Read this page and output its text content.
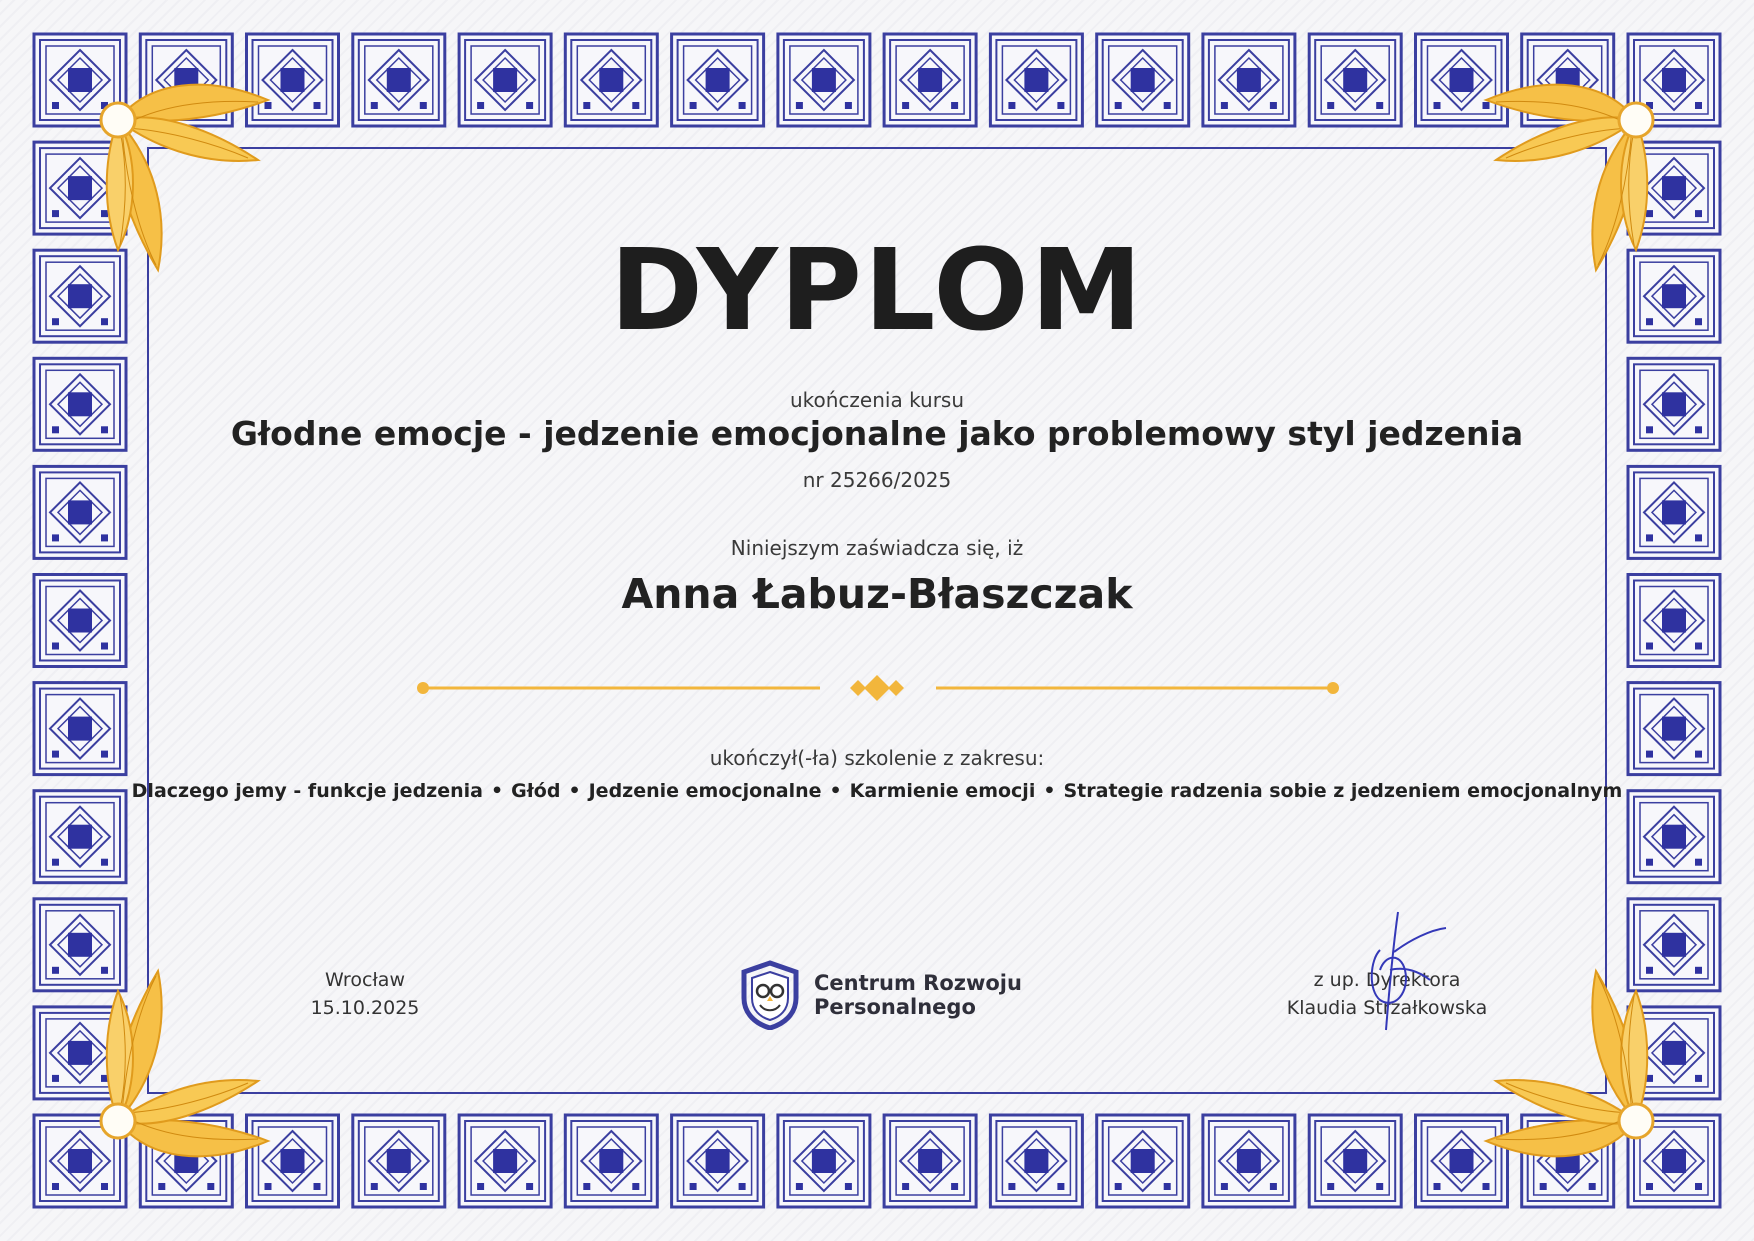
DYPLOM
ukończenia kursu
Głodne emocje - jedzenie emocjonalne jako problemowy styl jedzenia
nr 25266/2025
Niniejszym zaświadcza się, iż
Anna Łabuz-Błaszczak
ukończył(-ła) szkolenie z zakresu:
Dlaczego jemy - funkcje jedzenia • Głód • Jedzenie emocjonalne • Karmienie emocji • Strategie radzenia sobie z jedzeniem emocjonalnym
Wrocław
15.10.2025
Centrum Rozwoju
Personalnego
z up. Dyrektora
Klaudia Strzałkowska
